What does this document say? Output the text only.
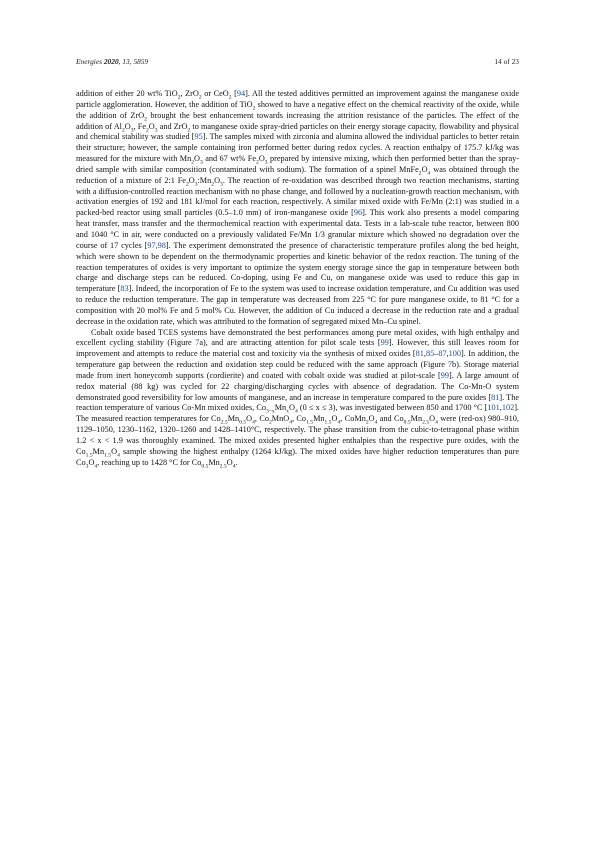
Energies 2020, 13, 5859	14 of 23

addition of either 20 wt% TiO$_2$, ZrO$_2$ or CeO$_2$ [94]. All the tested additives permitted an improvement against the manganese oxide particle agglomeration. However, the addition of TiO$_2$ showed to have a negative effect on the chemical reactivity of the oxide, while the addition of ZrO$_2$ brought the best enhancement towards increasing the attrition resistance of the particles. The effect of the addition of $Al_2O_3$, $Fe_2O_3$ and ZrO$_2$ to manganese oxide spray-dried particles on their energy storage capacity, flowability and physical and chemical stability was studied [95]. The samples mixed with zirconia and alumina allowed the individual particles to better retain their structure; however, the sample containing iron performed better during redox cycles. A reaction enthalpy of 175.7 kJ/kg was measured for the mixture with $Mn_2O_3$ and 67 wt% $Fe_2O_3$ prepared by intensive mixing, which then performed better than the spray-dried sample with similar composition (contaminated with sodium). The formation of a spinel $MnFe_2O_4$ was obtained through the reduction of a mixture of 2:1 $Fe_2O_3:Mn_2O_3$. The reaction of re-oxidation was described through two reaction mechanisms, starting with a diffusion-controlled reaction mechanism with no phase change, and followed by a nucleation-growth reaction mechanism, with activation energies of 192 and 181 kJ/mol for each reaction, respectively. A similar mixed oxide with Fe/Mn (2:1) was studied in a packed-bed reactor using small particles (0.5–1.0 mm) of iron-manganese oxide [96]. This work also presents a model comparing heat transfer, mass transfer and the thermochemical reaction with experimental data. Tests in a lab-scale tube reactor, between 800 and 1040 °C in air, were conducted on a previously validated Fe/Mn 1/3 granular mixture which showed no degradation over the course of 17 cycles [97,98]. The experiment demonstrated the presence of characteristic temperature profiles along the bed height, which were shown to be dependent on the thermodynamic properties and kinetic behavior of the redox reaction. The tuning of the reaction temperatures of oxides is very important to optimize the system energy storage since the gap in temperature between both charge and discharge steps can be reduced. Co-doping, using Fe and Cu, on manganese oxide was used to reduce this gap in temperature [83]. Indeed, the incorporation of Fe to the system was used to increase oxidation temperature, and Cu addition was used to reduce the reduction temperature. The gap in temperature was decreased from 225 °C for pure manganese oxide, to 81 °C for a composition with 20 mol% Fe and 5 mol% Cu. However, the addition of Cu induced a decrease in the reduction rate and a gradual decrease in the oxidation rate, which was attributed to the formation of segregated mixed Mn–Cu spinel.

Cobalt oxide based TCES systems have demonstrated the best performances among pure metal oxides, with high enthalpy and excellent cycling stability (Figure 7a), and are attracting attention for pilot scale tests [99]. However, this still leaves room for improvement and attempts to reduce the material cost and toxicity via the synthesis of mixed oxides [81,85–87,100]. In addition, the temperature gap between the reduction and oxidation step could be reduced with the same approach (Figure 7b). Storage material made from inert honeycomb supports (cordierite) and coated with cobalt oxide was studied at pilot-scale [99]. A large amount of redox material (88 kg) was cycled for 22 charging/discharging cycles with absence of degradation. The Co-Mn-O system demonstrated good reversibility for low amounts of manganese, and an increase in temperature compared to the pure oxides [81]. The reaction temperature of various Co-Mn mixed oxides, $Co_{3-x}Mn_xO_4$ (0 ≤ x ≤ 3), was investigated between 850 and 1700 °C [101,102]. The measured reaction temperatures for $Co_{2.5}Mn_{0.5}O_4$, $Co_2MnO_4$, $Co_{1.5}Mn_{1.5}O_4$, $CoMn_2O_4$ and $Co_{0.5}Mn_{2.5}O_4$ were (red-ox) 980–910, 1129–1050, 1230–1162, 1320–1260 and 1428–1410°C, respectively. The phase transition from the cubic-to-tetragonal phase within 1.2 < x < 1.9 was thoroughly examined. The mixed oxides presented higher enthalpies than the respective pure oxides, with the $Co_{1.5}Mn_{1.5}O_4$ sample showing the highest enthalpy (1264 kJ/kg). The mixed oxides have higher reduction temperatures than pure $Co_3O_4$, reaching up to 1428 °C for $Co_{0.5}Mn_{2.5}O_4$.
